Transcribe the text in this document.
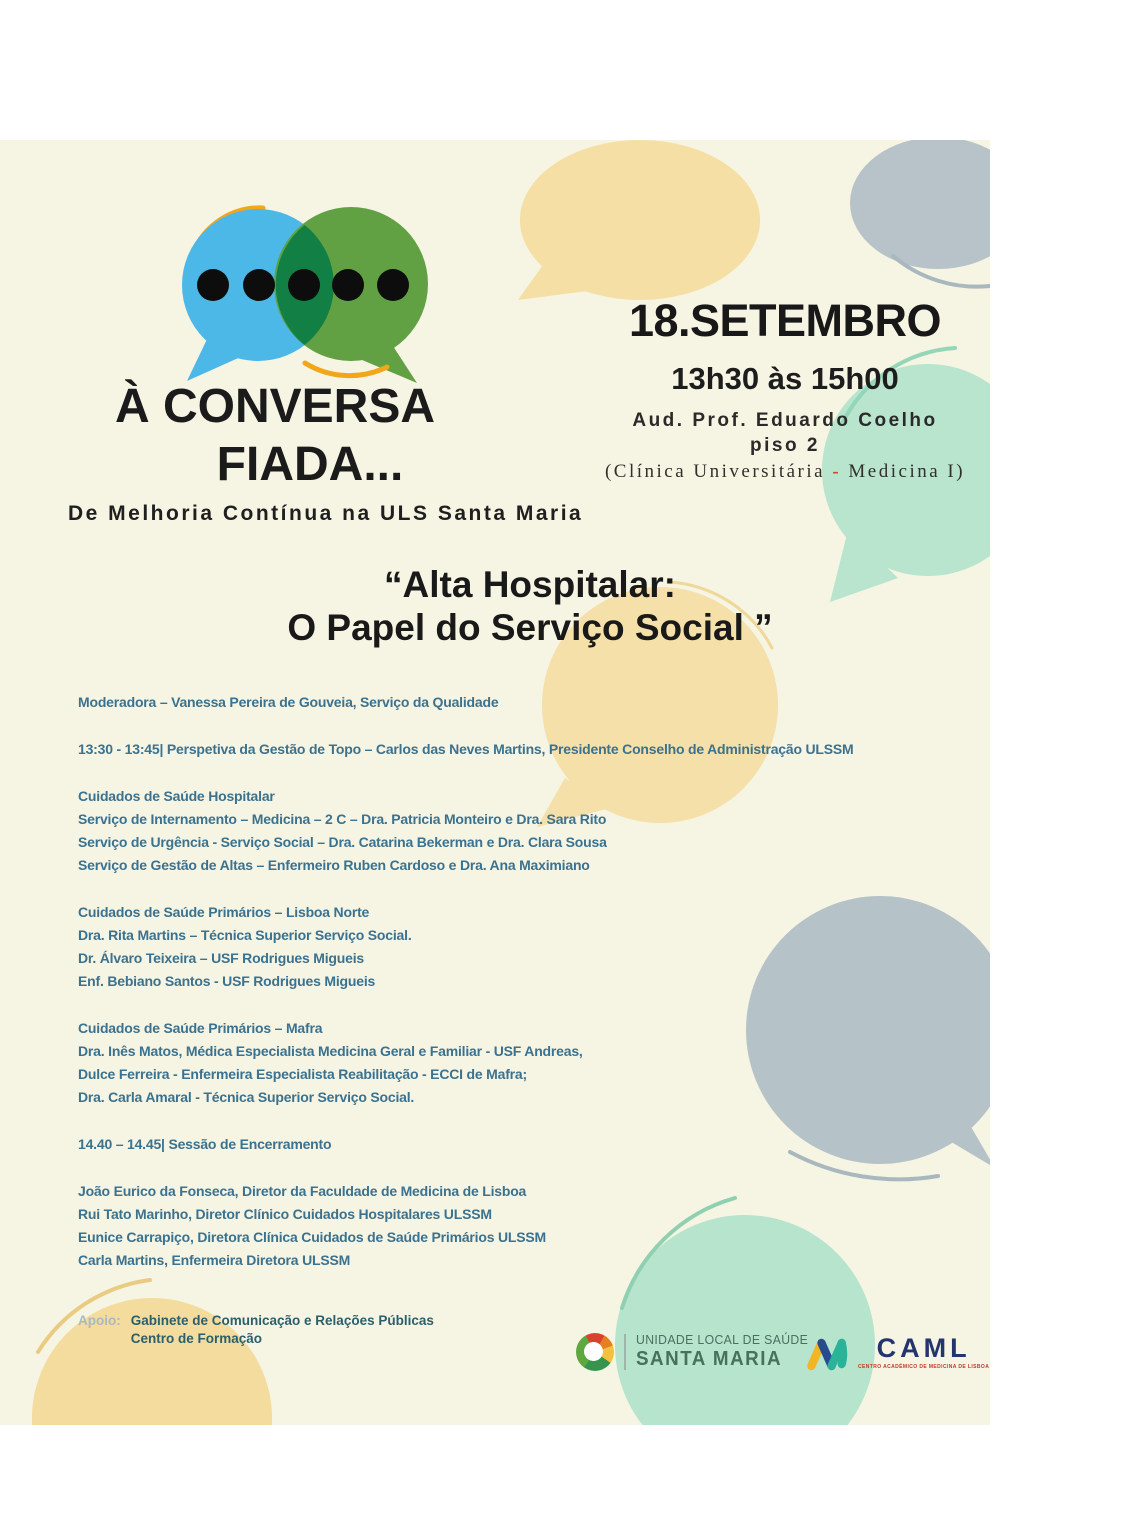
À CONVERSA
FIADA...
De Melhoria Contínua na ULS Santa Maria
18.SETEMBRO
13h30 às 15h00
Aud. Prof. Eduardo Coelho
piso 2
(Clínica Universitária - Medicina I)
“Alta Hospitalar:
O Papel do Serviço Social ”
Moderadora – Vanessa Pereira de Gouveia, Serviço da Qualidade
13:30 - 13:45| Perspetiva da Gestão de Topo – Carlos das Neves Martins, Presidente Conselho de Administração ULSSM
Cuidados de Saúde Hospitalar
Serviço de Internamento – Medicina – 2 C – Dra. Patricia Monteiro e Dra. Sara Rito
Serviço de Urgência - Serviço Social – Dra. Catarina Bekerman e Dra. Clara Sousa
Serviço de Gestão de Altas – Enfermeiro Ruben Cardoso e Dra. Ana Maximiano
Cuidados de Saúde Primários – Lisboa Norte
Dra. Rita Martins – Técnica Superior Serviço Social.
Dr. Álvaro Teixeira – USF Rodrigues Migueis
Enf. Bebiano Santos - USF Rodrigues Migueis
Cuidados de Saúde Primários – Mafra
Dra. Inês Matos, Médica Especialista Medicina Geral e Familiar - USF Andreas,
Dulce Ferreira - Enfermeira Especialista Reabilitação - ECCI de Mafra;
Dra. Carla Amaral - Técnica Superior Serviço Social.
14.40 – 14.45| Sessão de Encerramento
João Eurico da Fonseca, Diretor da Faculdade de Medicina de Lisboa
Rui Tato Marinho, Diretor Clínico Cuidados Hospitalares ULSSM
Eunice Carrapiço, Diretora Clínica Cuidados de Saúde Primários ULSSM
Carla Martins, Enfermeira Diretora ULSSM
Apoio: Gabinete de Comunicação e Relações Públicas
Centro de Formação	UNIDADE LOCAL DE SAÚDE
SANTA MARIA	CAML
CENTRO ACADÉMICO DE MEDICINA DE LISBOA
